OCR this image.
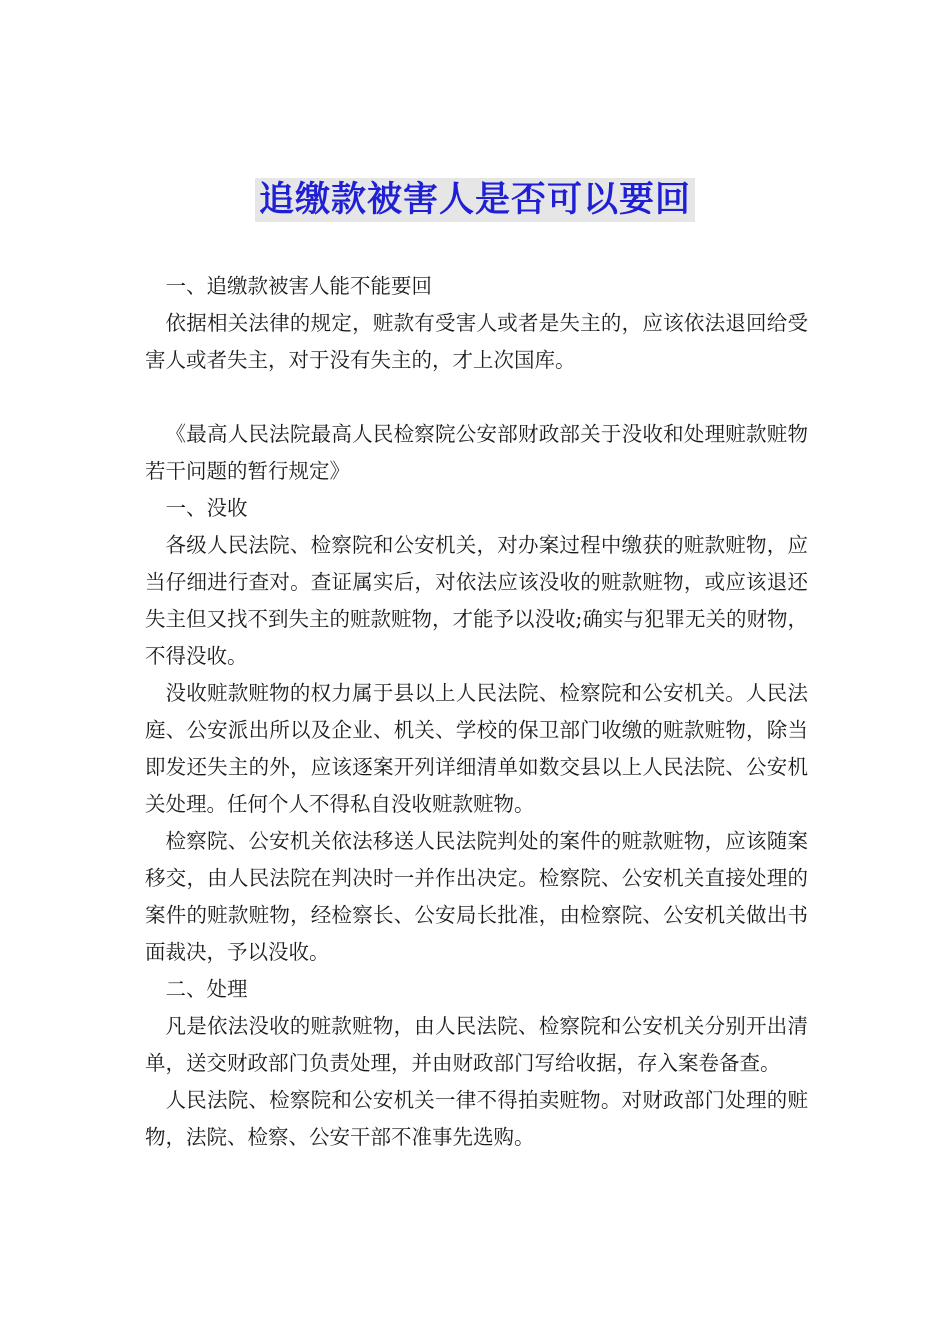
追缴款被害人是否可以要回

一、追缴款被害人能不能要回

依据相关法律的规定，赃款有受害人或者是失主的，应该依法退回给受害人或者失主，对于没有失主的，才上次国库。

《最高人民法院最高人民检察院公安部财政部关于没收和处理赃款赃物若干问题的暂行规定》

一、没收

各级人民法院、检察院和公安机关，对办案过程中缴获的赃款赃物，应当仔细进行查对。查证属实后，对依法应该没收的赃款赃物，或应该退还失主但又找不到失主的赃款赃物，才能予以没收;确实与犯罪无关的财物，不得没收。

没收赃款赃物的权力属于县以上人民法院、检察院和公安机关。人民法庭、公安派出所以及企业、机关、学校的保卫部门收缴的赃款赃物，除当即发还失主的外，应该逐案开列详细清单如数交县以上人民法院、公安机关处理。任何个人不得私自没收赃款赃物。

检察院、公安机关依法移送人民法院判处的案件的赃款赃物，应该随案移交，由人民法院在判决时一并作出决定。检察院、公安机关直接处理的案件的赃款赃物，经检察长、公安局长批准，由检察院、公安机关做出书面裁决，予以没收。

二、处理

凡是依法没收的赃款赃物，由人民法院、检察院和公安机关分别开出清单，送交财政部门负责处理，并由财政部门写给收据，存入案卷备查。

人民法院、检察院和公安机关一律不得拍卖赃物。对财政部门处理的赃物，法院、检察、公安干部不准事先选购。
